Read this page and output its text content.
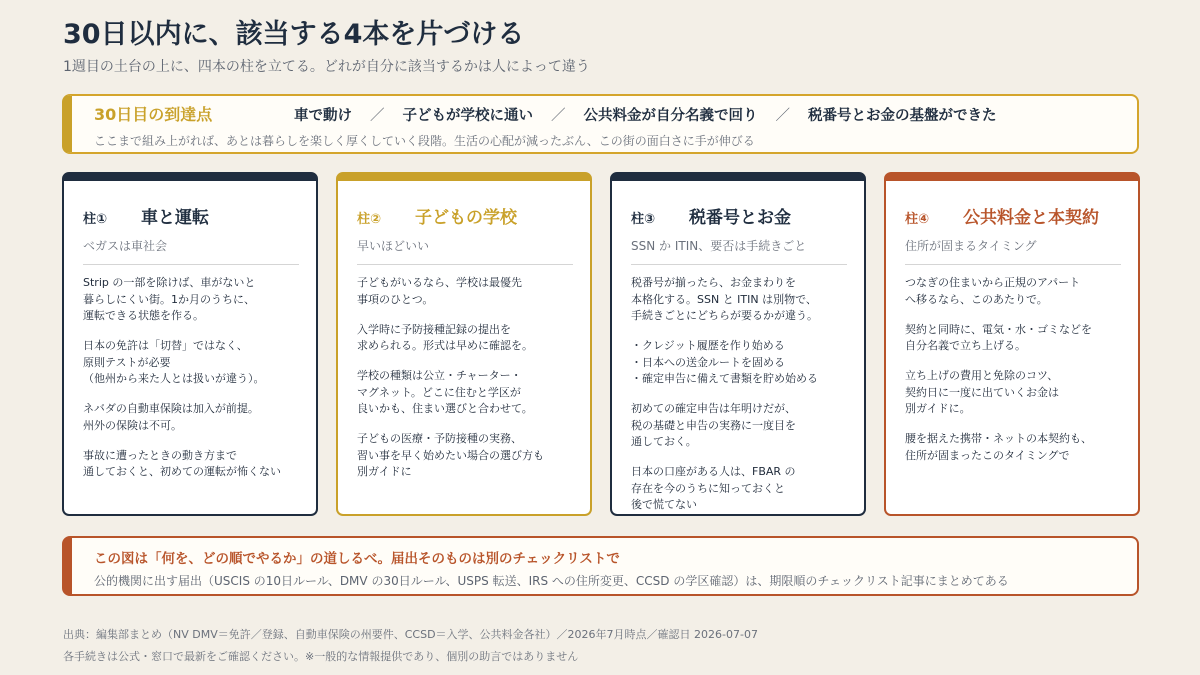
30日以内に、該当する4本を片づける
1週目の土台の上に、四本の柱を立てる。どれが自分に該当するかは人によって違う
30日目の到達点	車で動け ／ 子どもが学校に通い ／ 公共料金が自分名義で回り ／ 税番号とお金の基盤ができた
ここまで組み上がれば、あとは暮らしを楽しく厚くしていく段階。生活の心配が減ったぶん、この街の面白さに手が伸びる
柱①	車と運転
ベガスは車社会
Strip の一部を除けば、車がないと
暮らしにくい街。1か月のうちに、
運転できる状態を作る。
日本の免許は「切替」ではなく、
原則テストが必要
（他州から来た人とは扱いが違う）。
ネバダの自動車保険は加入が前提。
州外の保険は不可。
事故に遭ったときの動き方まで
通しておくと、初めての運転が怖くない
柱②	子どもの学校
早いほどいい
子どもがいるなら、学校は最優先
事項のひとつ。
入学時に予防接種記録の提出を
求められる。形式は早めに確認を。
学校の種類は公立・チャーター・
マグネット。どこに住むと学区が
良いかも、住まい選びと合わせて。
子どもの医療・予防接種の実務、
習い事を早く始めたい場合の選び方も
別ガイドに
柱③	税番号とお金
SSN か ITIN、要否は手続きごと
税番号が揃ったら、お金まわりを
本格化する。SSN と ITIN は別物で、
手続きごとにどちらが要るかが違う。
・クレジット履歴を作り始める
・日本への送金ルートを固める
・確定申告に備えて書類を貯め始める
初めての確定申告は年明けだが、
税の基礎と申告の実務に一度目を
通しておく。
日本の口座がある人は、FBAR の
存在を今のうちに知っておくと
後で慌てない
柱④	公共料金と本契約
住所が固まるタイミング
つなぎの住まいから正規のアパート
へ移るなら、このあたりで。
契約と同時に、電気・水・ゴミなどを
自分名義で立ち上げる。
立ち上げの費用と免除のコツ、
契約日に一度に出ていくお金は
別ガイドに。
腰を据えた携帯・ネットの本契約も、
住所が固まったこのタイミングで
この図は「何を、どの順でやるか」の道しるべ。届出そのものは別のチェックリストで
公的機関に出す届出（USCIS の10日ルール、DMV の30日ルール、USPS 転送、IRS への住所変更、CCSD の学区確認）は、期限順のチェックリスト記事にまとめてある
出典：編集部まとめ（NV DMV＝免許／登録、自動車保険の州要件、CCSD＝入学、公共料金各社）／2026年7月時点／確認日 2026-07-07
各手続きは公式・窓口で最新をご確認ください。※一般的な情報提供であり、個別の助言ではありません
